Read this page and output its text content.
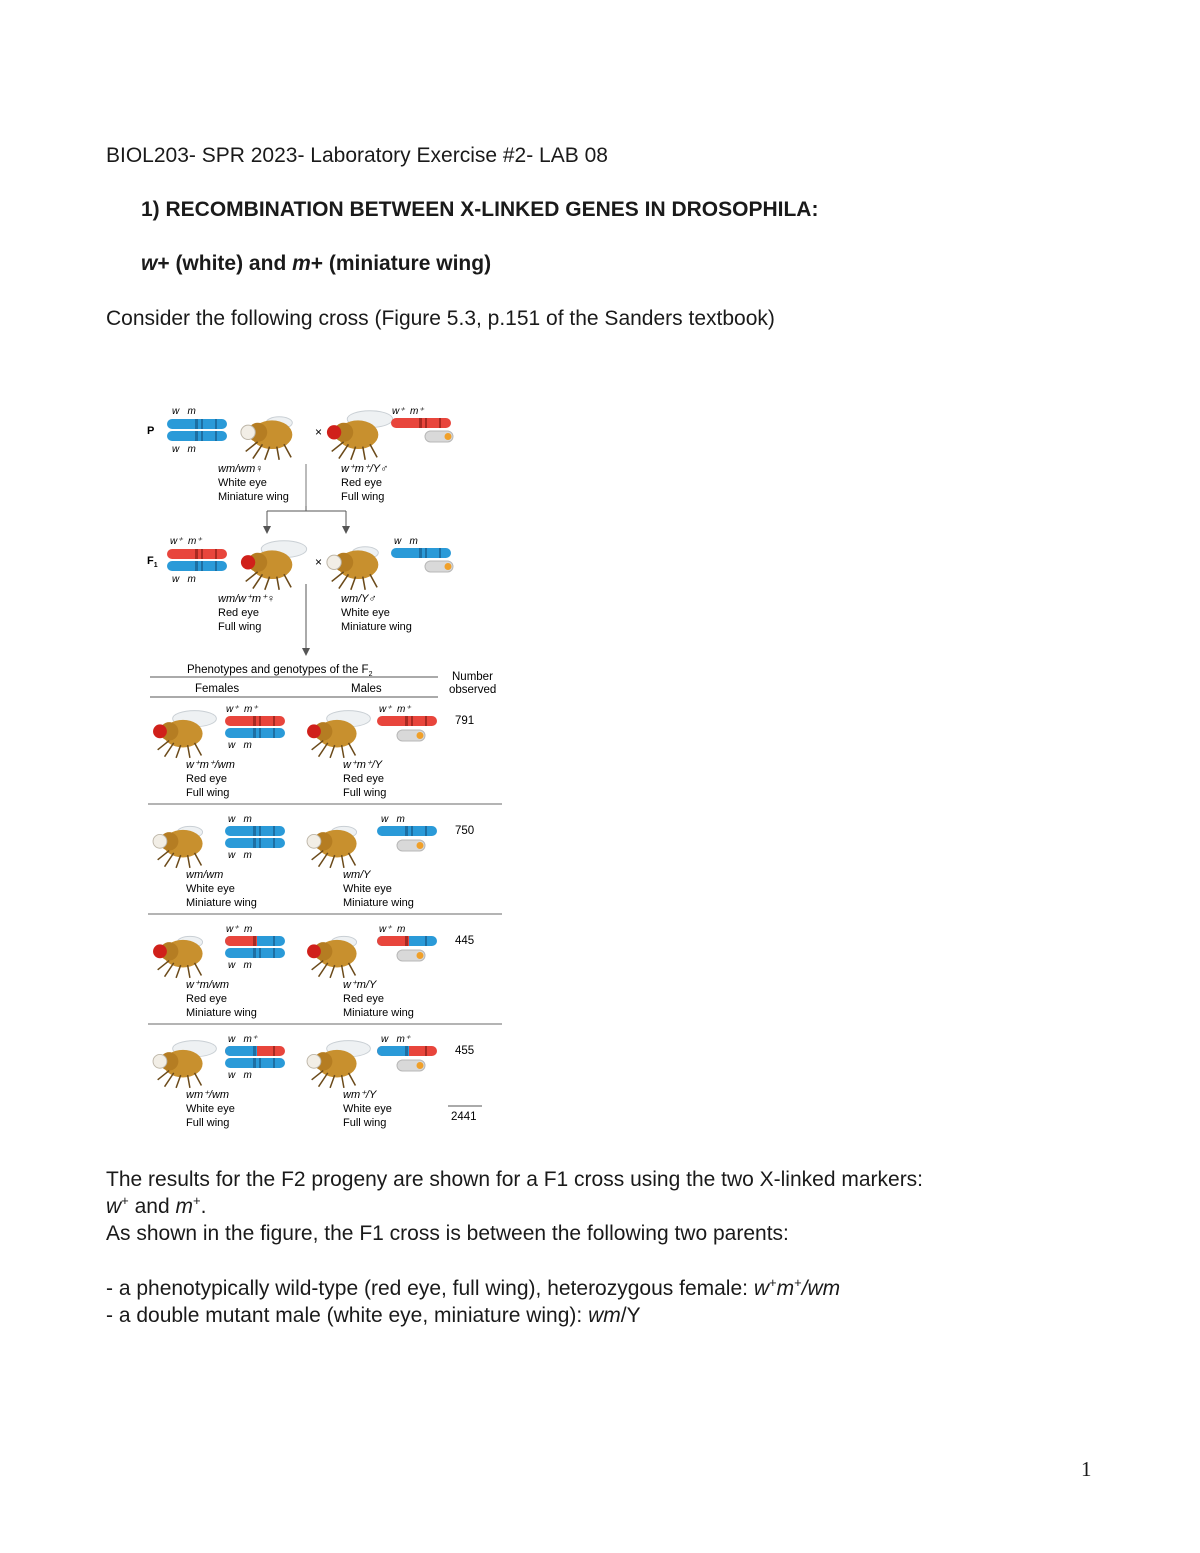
BIOL203- SPR 2023- Laboratory Exercise #2- LAB 08
1) RECOMBINATION BETWEEN X-LINKED GENES IN DROSOPHILA:
w+ (white) and m+ (miniature wing)
Consider the following cross (Figure 5.3, p.151 of the Sanders textbook)
P
w   m
w   m
×
w⁺  m⁺
wm/wm♀
White eye
Miniature wing
w⁺m⁺/Y♂
Red eye
Full wing
$F_1$
w⁺  m⁺
w   m
×
w   m
wm/w⁺m⁺♀
Red eye
Full wing
wm/Y♂
White eye
Miniature wing
Phenotypes and genotypes of the $F_2$
Females	Males
Number
observed
w⁺  m⁺
w   m
w⁺  m⁺
791
w⁺m⁺/wm
Red eye
Full wing
w⁺m⁺/Y
Red eye
Full wing
w   m
w   m
w   m
750
wm/wm
White eye
Miniature wing
wm/Y
White eye
Miniature wing
w⁺  m
w   m
w⁺  m
445
w⁺m/wm
Red eye
Miniature wing
w⁺m/Y
Red eye
Miniature wing
w   m⁺
w   m
w   m⁺
455
wm⁺/wm
White eye
Full wing
wm⁺/Y
White eye
Full wing	2441
The results for the F2 progeny are shown for a F1 cross using the two X-linked markers:
w+ and m+.
As shown in the figure, the F1 cross is between the following two parents:
- a phenotypically wild-type (red eye, full wing), heterozygous female: w+m+/wm
- a double mutant male (white eye, miniature wing): wm/Y
1
